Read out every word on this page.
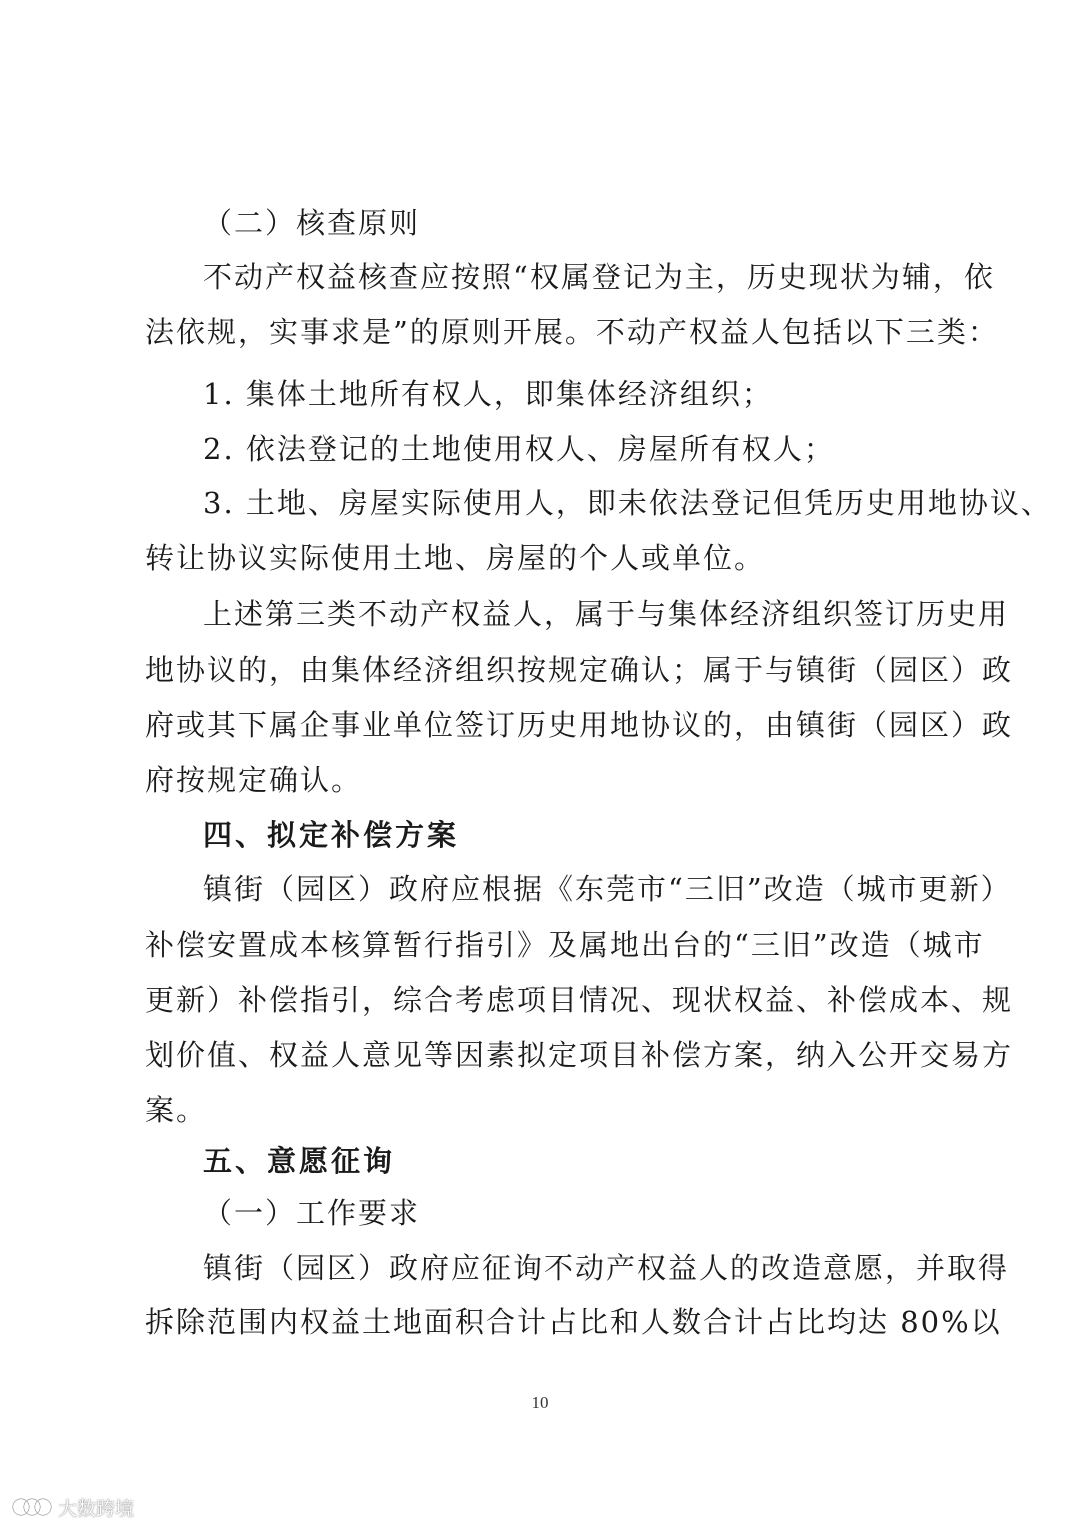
（二）核查原则
不动产权益核查应按照“权属登记为主，历史现状为辅，依
法依规，实事求是”的原则开展。不动产权益人包括以下三类：
1. 集体土地所有权人，即集体经济组织；
2. 依法登记的土地使用权人、房屋所有权人；
3. 土地、房屋实际使用人，即未依法登记但凭历史用地协议、
转让协议实际使用土地、房屋的个人或单位。
上述第三类不动产权益人，属于与集体经济组织签订历史用
地协议的，由集体经济组织按规定确认；属于与镇街（园区）政
府或其下属企事业单位签订历史用地协议的，由镇街（园区）政
府按规定确认。
四、拟定补偿方案
镇街（园区）政府应根据《东莞市“三旧”改造（城市更新）
补偿安置成本核算暂行指引》及属地出台的“三旧”改造（城市
更新）补偿指引，综合考虑项目情况、现状权益、补偿成本、规
划价值、权益人意见等因素拟定项目补偿方案，纳入公开交易方
案。
五、意愿征询
（一）工作要求
镇街（园区）政府应征询不动产权益人的改造意愿，并取得
拆除范围内权益土地面积合计占比和人数合计占比均达 80%以
10
大数跨境
